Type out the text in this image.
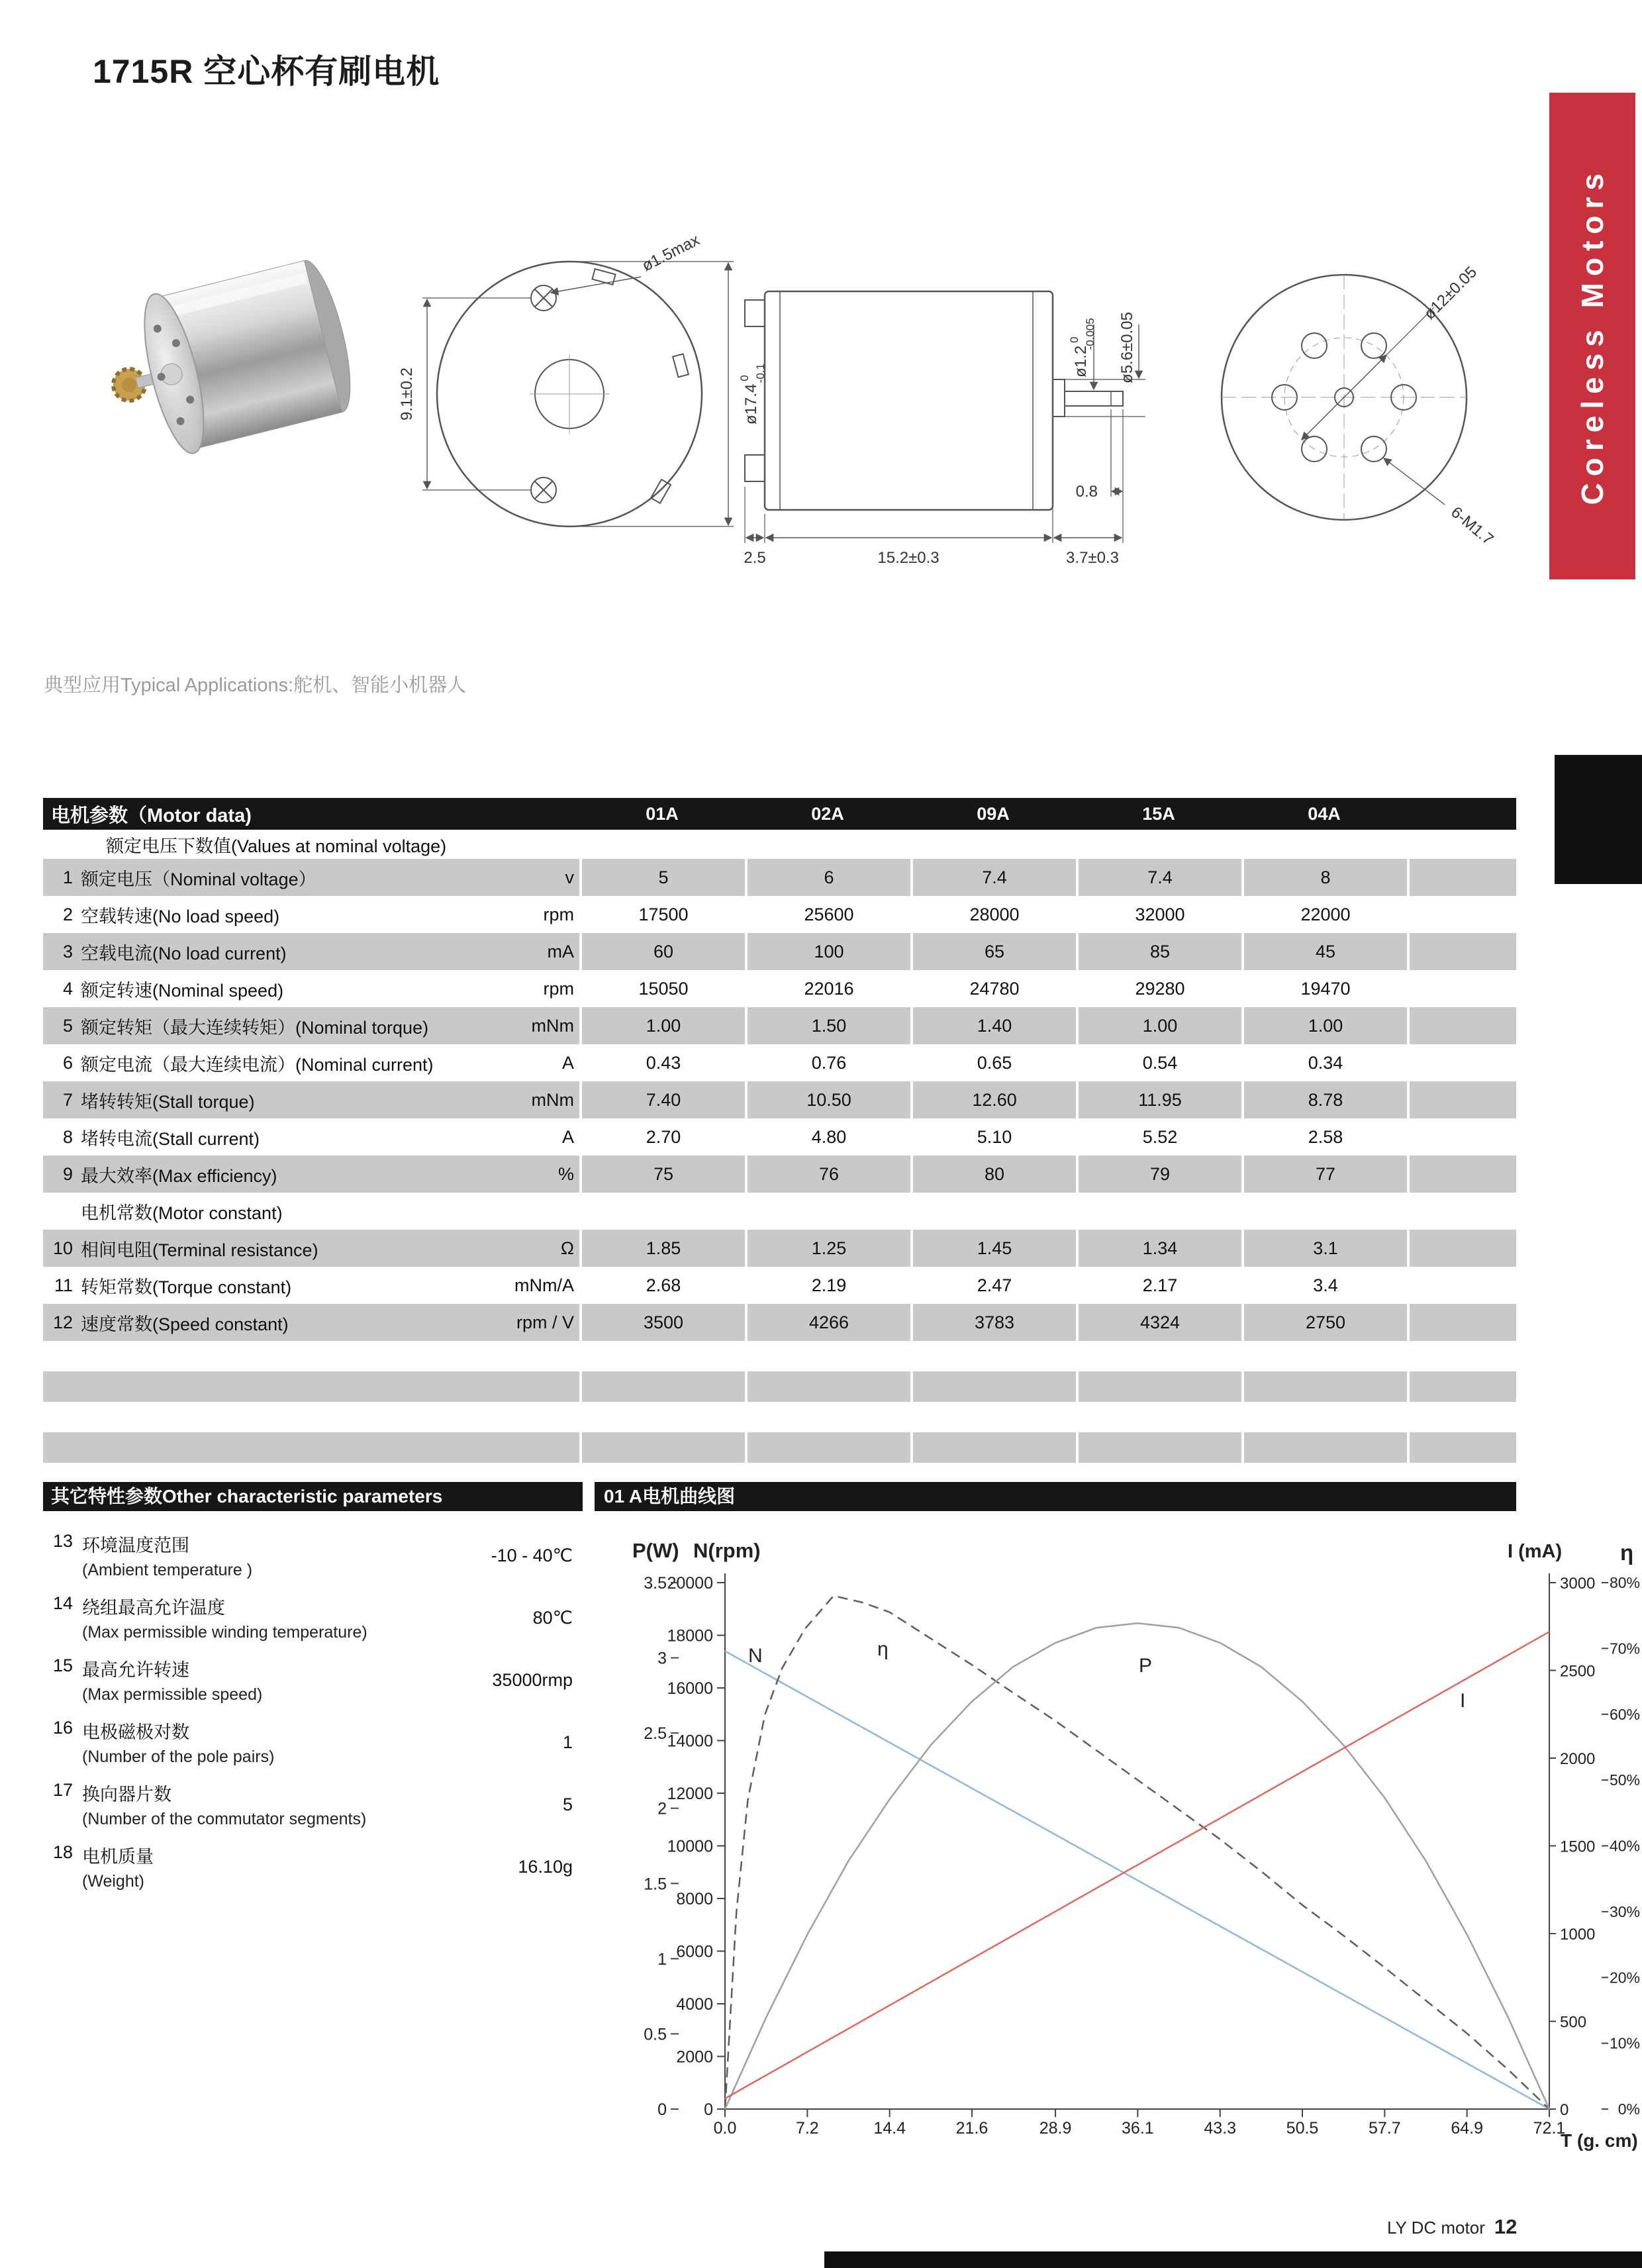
1715R 空心杯有刷电机
Coreless Motors
9.1±0.2	ø17.4$^0$ -0.1
ø1.5max
2.5	15.2±0.3	3.7±0.3
0.8
$ø1.2^0$ -0.005 ø5.6±0.05
ø12±0.05
6-M1.7
典型应用Typical Applications:舵机、智能小机器人
电机参数（Motor data)	01A	02A	09A	15A	04A
额定电压下数值(Values at nominal voltage)
1 额定电压（Nominal voltage）	v	5	6	7.4	7.4	8
2 空载转速(No load speed)	rpm	17500	25600	28000	32000	22000
3 空载电流(No load current)	mA	60	100	65	85	45
4 额定转速(Nominal speed)	rpm	15050	22016	24780	29280	19470
5 额定转矩（最大连续转矩）(Nominal torque)	mNm	1.00	1.50	1.40	1.00	1.00
6 额定电流（最大连续电流）(Nominal current)	A	0.43	0.76	0.65	0.54	0.34
7 堵转转矩(Stall torque)	mNm	7.40	10.50	12.60	11.95	8.78
8 堵转电流(Stall current)	A	2.70	4.80	5.10	5.52	2.58
9 最大效率(Max efficiency)	%	75	76	80	79	77
电机常数(Motor constant)
10 相间电阻(Terminal resistance)	Ω	1.85	1.25	1.45	1.34	3.1
11 转矩常数(Torque constant)	mNm/A	2.68	2.19	2.47	2.17	3.4
12 速度常数(Speed constant)	rpm / V	3500	4266	3783	4324	2750
其它特性参数Other characteristic parameters	01 A电机曲线图
13 环境温度范围
(Ambient temperature )
-10 - 40℃
14 绕组最高允许温度
(Max permissible winding temperature)
80℃
15 最高允许转速
(Max permissible speed)
35000rmp
16 电极磁极对数
(Number of the pole pairs)
1
17 换向器片数
(Number of the commutator segments)
5
18 电机质量
(Weight)
16.10g
P(W) N(rpm)	I (mA)	η
T (g. cm)
0
2000
4000
6000
8000
10000
12000
14000
16000
18000
20000
0
0.5
1
1.5
2
2.5
3
3.5
0
500
1000
1500
2000
2500
3000
0%
10%
20%
30%
40%
50%
60%
70%
80%
0.0	7.2	14.4	21.6	28.9	36.1	43.3	50.5	57.7	64.9	72.1
N	η
P
I
LY DC motor 12
